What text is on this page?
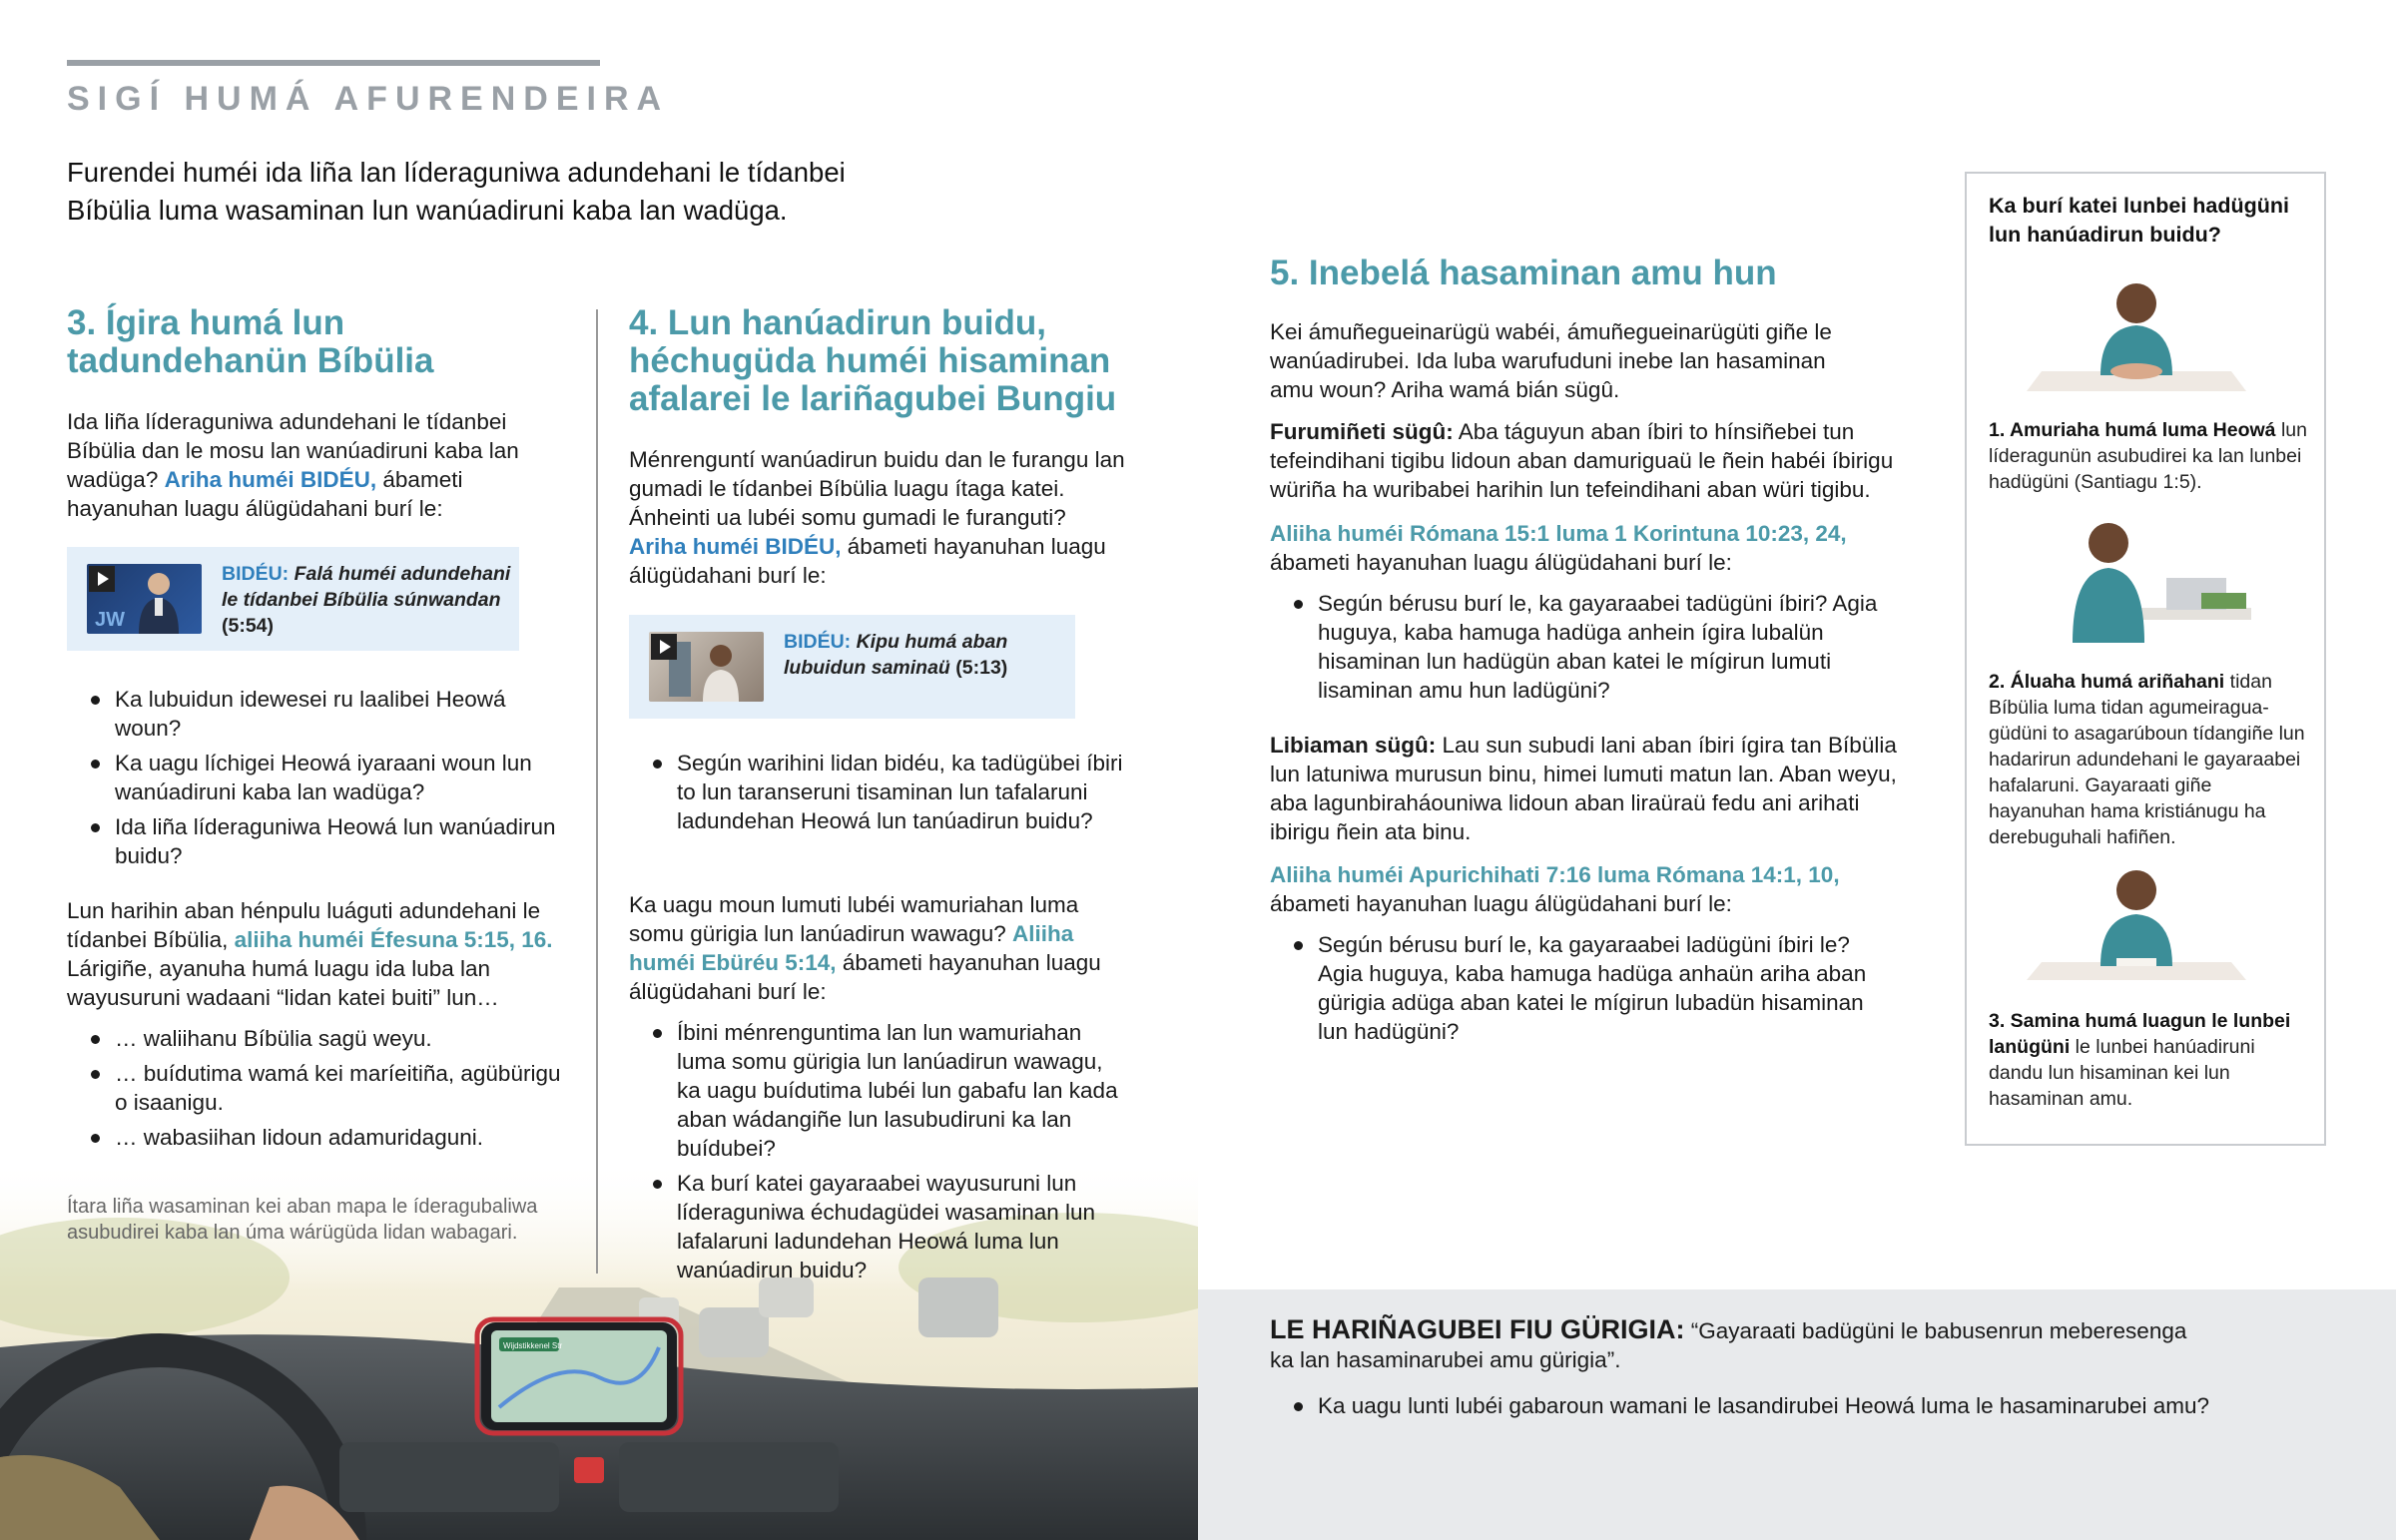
SIGÍ HUMÁ AFURENDEIRA

Furendei huméi ida liña lan líderaguniwa adundehani le tídanbei Bíbülia luma wasaminan lun wanúadiruni kaba lan wadüga.

Wijdstikkenel Str
3. Ígira humá lun
tadundehanün Bíbülia

Ida liña líderaguniwa adundehani le tídanbei Bíbülia dan le mosu lan wanúadiruni kaba lan wadüga? Ariha huméi BIDÉU, ábameti hayanuhan luagu álügüdahani burí le:

JW
BIDÉU: Falá huméi adundehani le tídanbei Bíbülia súnwandan (5:54)
Ka lubuidun idewesei ru laalibei Heowá woun?
Ka uagu líchigei Heowá iyaraani woun lun wanúadiruni kaba lan wadüga?
Ida liña líderaguniwa Heowá lun wanúadirun buidu?

Lun harihin aban hénpulu luáguti adundehani le tídanbei Bíbülia, aliiha huméi Éfesuna 5:15, 16. Lárigiñe, ayanuha humá luagu ida luba lan wayusuruni wadaani “lidan katei buiti” lun…

… waliihanu Bíbülia sagü weyu.
… buídutima wamá kei maríeitiña, agübürigu o isaanigu.
… wabasiihan lidoun adamuridaguni.

Ítara liña wasaminan kei aban mapa le íderagubaliwa asubudirei kaba lan úma wárügüda lidan wabagari.

4. Lun hanúadirun buidu,
héchugüda huméi hisaminan
afalarei le lariñagubei Bungiu

Ménrenguntí wanúadirun buidu dan le furangu lan gumadi le tídanbei Bíbülia luagu ítaga katei. Ánheinti ua lubéi somu gumadi le furanguti? Ariha huméi BIDÉU, ábameti hayanuhan luagu álügüdahani burí le:

BIDÉU: Kipu humá aban lubuidun saminaü (5:13)
Según warihini lidan bidéu, ka tadügübei íbiri to lun taranseruni tisaminan lun tafalaruni ladundehan Heowá lun tanúadirun buidu?

Ka uagu moun lumuti lubéi wamuriahan luma somu gürigia lun lanúadirun wawagu? Aliiha huméi Ebüréu 5:14, ábameti hayanuhan luagu álügüdahani burí le:

Íbini ménrenguntima lan lun wamuriahan luma somu gürigia lun lanúadirun wawagu, ka uagu buídutima lubéi lun gabafu lan kada aban wádangiñe lun lasubudiruni ka lan buídubei?
Ka burí katei gayaraabei wayusuruni lun líderaguniwa échudagüdei wasaminan lun lafalaruni ladundehan Heowá luma lun wanúadirun buidu?
5. Inebelá hasaminan amu hun

Kei ámuñegueinarügü wabéi, ámuñegueinarügüti giñe le wanúadirubei. Ida luba warufuduni inebe lan hasaminan amu woun? Ariha wamá bián sügû.

Furumiñeti sügû: Aba táguyun aban íbiri to hínsiñebei tun tefeindihani tigibu lidoun aban damuriguaü le ñein habéi íbirigu würiña ha wuribabei harihin lun tefeindihani aban würi tigibu.

Aliiha huméi Rómana 15:1 luma 1 Korintuna 10:23, 24, ábameti hayanuhan luagu álügüdahani burí le:

Según bérusu burí le, ka gayaraabei tadügüni íbiri? Agia huguya, kaba hamuga hadüga anhein ígira lubalün hisaminan lun hadügün aban katei le mígirun lumuti lisaminan amu hun ladügüni?

Libiaman sügû: Lau sun subudi lani aban íbiri ígira tan Bíbülia lun latuniwa murusun binu, himei lumuti matun lan. Aban weyu, aba lagunbiraháouniwa lidoun aban liraüraü fedu ani arihati ibirigu ñein ata binu.

Aliiha huméi Apurichihati 7:16 luma Rómana 14:1, 10, ábameti hayanuhan luagu álügüdahani burí le:

Según bérusu burí le, ka gayaraabei ladügüni íbiri le? Agia huguya, kaba hamuga hadüga anhaün ariha aban gürigia adüga aban katei le mígirun lubadün hisaminan lun hadügüni?
Ka burí katei lunbei hadügüni lun hanúadirun buidu?
1. Amuriaha humá luma Heowá lun líderagunün asubudirei ka lan lunbei hadügüni (Santiagu 1:5).
2. Áluaha humá ariñahani tidan Bíbülia luma tidan agumeiraguagüdüni to asagarúboun tídangiñe lun hadarirun adundehani le gayaraabei hafalaruni. Gayaraati giñe hayanuhan hama kristiánugu ha derebuguhali hafiñen.
3. Samina humá luagun le lunbei lanügüni le lunbei hanúadiruni dandu lun hisaminan kei lun hasaminan amu.

LE HARIÑAGUBEI FIU GÜRIGIA: “Gayaraati badügüni le babusenrun meberesenga ka lan hasaminarubei amu gürigia”.

Ka uagu lunti lubéi gabaroun wamani le lasandirubei Heowá luma le hasaminarubei amu?
